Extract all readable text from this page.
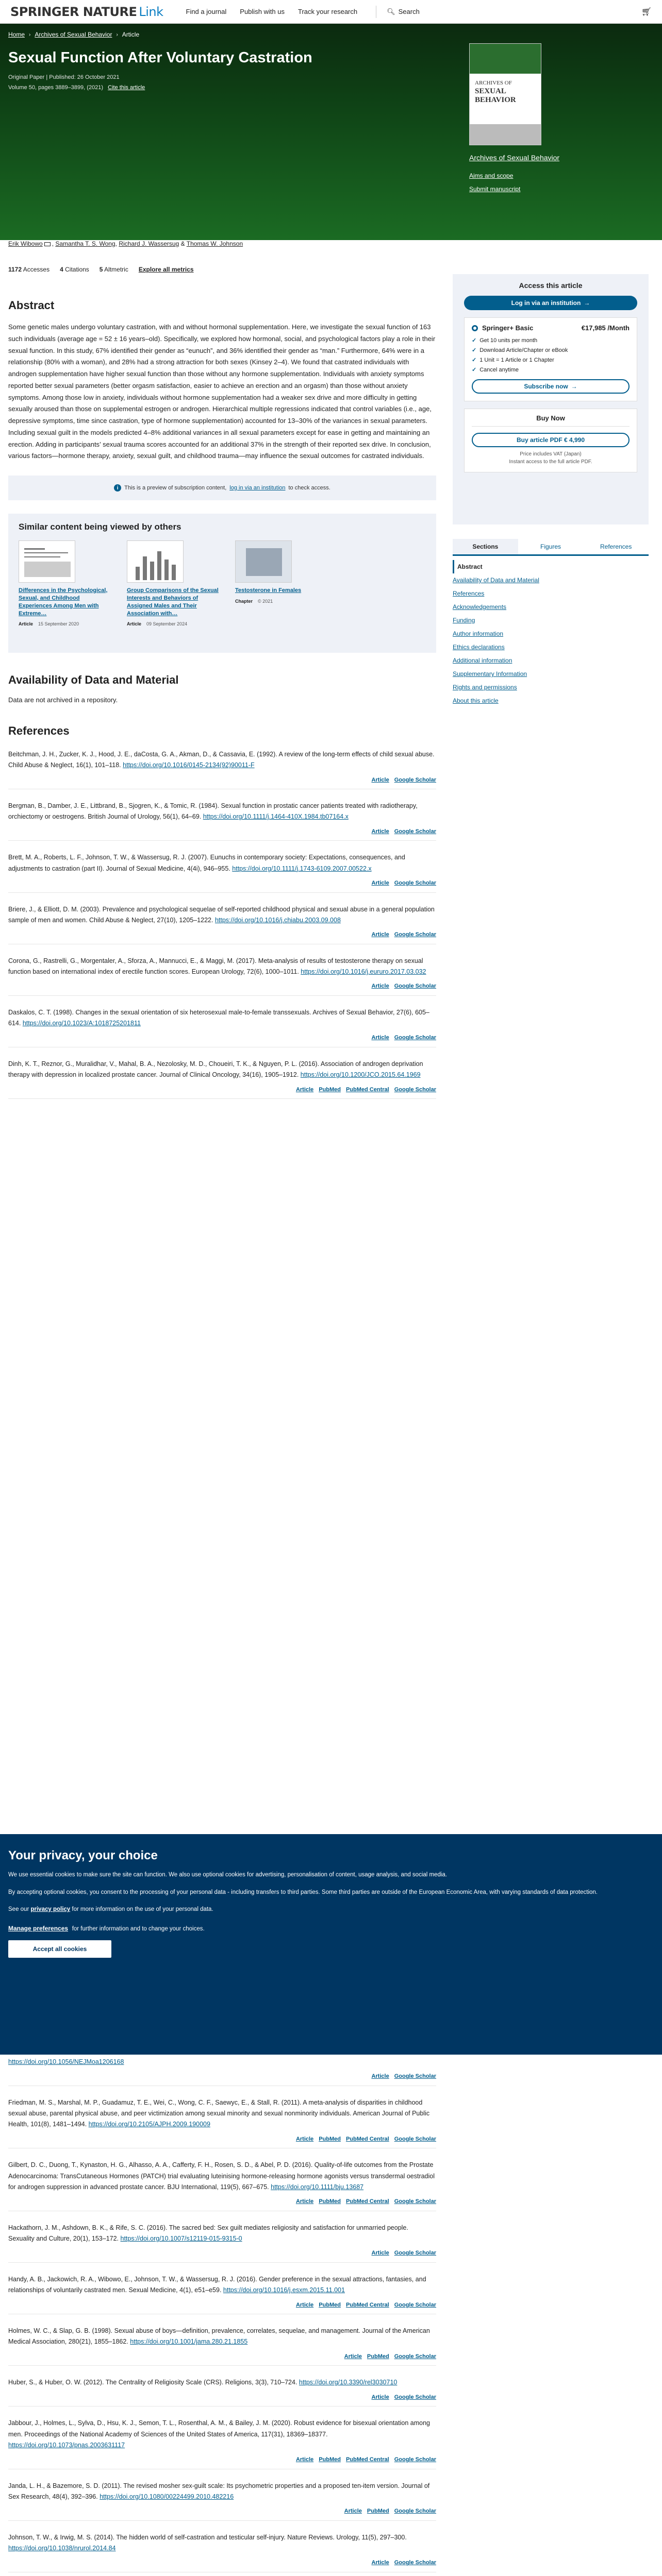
SPRINGER NATURE Link	Find a journal Publish with us Track your research	🔍︎ Search	🛒︎
Home › Archives of Sexual Behavior › Article
Sexual Function After Voluntary Castration
Original Paper | Published: 26 October 2021
Volume 50, pages 3889–3899, (2021) Cite this article
ARCHIVES OF
SEXUAL BEHAVIOR
Archives of Sexual Behavior
Aims and scope
Submit manuscript
Erik Wibowo , Samantha T. S. Wong, Richard J. Wassersug & Thomas W. Johnson
1172 Accesses 4 Citations 5 Altmetric Explore all metrics
Abstract

Some genetic males undergo voluntary castration, with and without hormonal supplementation. Here, we investigate the sexual function of 163 such individuals (average age = 52 ± 16 years–old). Specifically, we explored how hormonal, social, and psychological factors play a role in their sexual function. In this study, 67% identified their gender as “eunuch”, and 36% identified their gender as “man.” Furthermore, 64% were in a relationship (80% with a woman), and 28% had a strong attraction for both sexes (Kinsey 2–4). We found that castrated individuals with androgen supplementation have higher sexual function than those without any hormone supplementation. Individuals with anxiety symptoms reported better sexual parameters (better orgasm satisfaction, easier to achieve an erection and an orgasm) than those without anxiety symptoms. Among those low in anxiety, individuals without hormone supplementation had a weaker sex drive and more difficulty in getting sexually aroused than those on supplemental estrogen or androgen. Hierarchical multiple regressions indicated that control variables (i.e., age, depressive symptoms, time since castration, type of hormone supplementation) accounted for 13–30% of the variances in sexual parameters. Including sexual guilt in the models predicted 4–8% additional variances in all sexual parameters except for ease in getting and maintaining an erection. Adding in participants’ sexual trauma scores accounted for an additional 37% in the strength of their reported sex drive. In conclusion, various factors—hormone therapy, anxiety, sexual guilt, and childhood trauma—may influence the sexual outcomes for castrated individuals.

i	This is a preview of subscription content, log in via an institution to check access.
Similar content being viewed by others
Differences in the Psychological, Sexual, and Childhood Experiences Among Men with Extreme…
Article 15 September 2020
Group Comparisons of the Sexual Interests and Behaviors of Assigned Males and Their Association with…
Article 09 September 2024
Testosterone in Females
Chapter © 2021
Availability of Data and Material

Data are not archived in a repository.

References
Beitchman, J. H., Zucker, K. J., Hood, J. E., daCosta, G. A., Akman, D., & Cassavia, E. (1992). A review of the long-term effects of child sexual abuse. Child Abuse & Neglect, 16(1), 101–118. https://doi.org/10.1016/0145-2134(92)90011-F
Article Google Scholar
Bergman, B., Damber, J. E., Littbrand, B., Sjogren, K., & Tomic, R. (1984). Sexual function in prostatic cancer patients treated with radiotherapy, orchiectomy or oestrogens. British Journal of Urology, 56(1), 64–69. https://doi.org/10.1111/j.1464-410X.1984.tb07164.x
Article Google Scholar
Brett, M. A., Roberts, L. F., Johnson, T. W., & Wassersug, R. J. (2007). Eunuchs in contemporary society: Expectations, consequences, and adjustments to castration (part II). Journal of Sexual Medicine, 4(4i), 946–955. https://doi.org/10.1111/j.1743-6109.2007.00522.x
Article Google Scholar
Briere, J., & Elliott, D. M. (2003). Prevalence and psychological sequelae of self-reported childhood physical and sexual abuse in a general population sample of men and women. Child Abuse & Neglect, 27(10), 1205–1222. https://doi.org/10.1016/j.chiabu.2003.09.008
Article Google Scholar
Corona, G., Rastrelli, G., Morgentaler, A., Sforza, A., Mannucci, E., & Maggi, M. (2017). Meta-analysis of results of testosterone therapy on sexual function based on international index of erectile function scores. European Urology, 72(6), 1000–1011. https://doi.org/10.1016/j.eururo.2017.03.032
Article Google Scholar
Daskalos, C. T. (1998). Changes in the sexual orientation of six heterosexual male-to-female transsexuals. Archives of Sexual Behavior, 27(6), 605–614. https://doi.org/10.1023/A:1018725201811
Article Google Scholar
Dinh, K. T., Reznor, G., Muralidhar, V., Mahal, B. A., Nezolosky, M. D., Choueiri, T. K., & Nguyen, P. L. (2016). Association of androgen deprivation therapy with depression in localized prostate cancer. Journal of Clinical Oncology, 34(16), 1905–1912. https://doi.org/10.1200/JCO.2015.64.1969
Article PubMed PubMed Central Google Scholar
Access this article
Log in via an institution →
Springer+ Basic	€17,985 /Month
✓ Get 10 units per month
✓ Download Article/Chapter or eBook
✓ 1 Unit = 1 Article or 1 Chapter
✓ Cancel anytime
Subscribe now →
Buy Now
Buy article PDF € 4,990
Price includes VAT (Japan)
Instant access to the full article PDF.
Sections	Figures	References
Abstract
Availability of Data and Material
References
Acknowledgements
Funding
Author information
Ethics declarations
Additional information
Supplementary Information
Rights and permissions
About this article
Your privacy, your choice

We use essential cookies to make sure the site can function. We also use optional cookies for advertising, personalisation of content, usage analysis, and social media.

By accepting optional cookies, you consent to the processing of your personal data - including transfers to third parties. Some third parties are outside of the European Economic Area, with varying standards of data protection.

See our privacy policy for more information on the use of your personal data.

Manage preferences for further information and to change your choices.
Accept all cookies
https://doi.org/10.1056/NEJMoa1206168
Article Google Scholar
Friedman, M. S., Marshal, M. P., Guadamuz, T. E., Wei, C., Wong, C. F., Saewyc, E., & Stall, R. (2011). A meta-analysis of disparities in childhood sexual abuse, parental physical abuse, and peer victimization among sexual minority and sexual nonminority individuals. American Journal of Public Health, 101(8), 1481–1494. https://doi.org/10.2105/AJPH.2009.190009
Article PubMed PubMed Central Google Scholar
Gilbert, D. C., Duong, T., Kynaston, H. G., Alhasso, A. A., Cafferty, F. H., Rosen, S. D., & Abel, P. D. (2016). Quality-of-life outcomes from the Prostate Adenocarcinoma: TransCutaneous Hormones (PATCH) trial evaluating luteinising hormone-releasing hormone agonists versus transdermal oestradiol for androgen suppression in advanced prostate cancer. BJU International, 119(5), 667–675. https://doi.org/10.1111/bju.13687
Article PubMed PubMed Central Google Scholar
Hackathorn, J. M., Ashdown, B. K., & Rife, S. C. (2016). The sacred bed: Sex guilt mediates religiosity and satisfaction for unmarried people. Sexuality and Culture, 20(1), 153–172. https://doi.org/10.1007/s12119-015-9315-0
Article Google Scholar
Handy, A. B., Jackowich, R. A., Wibowo, E., Johnson, T. W., & Wassersug, R. J. (2016). Gender preference in the sexual attractions, fantasies, and relationships of voluntarily castrated men. Sexual Medicine, 4(1), e51–e59. https://doi.org/10.1016/j.esxm.2015.11.001
Article PubMed PubMed Central Google Scholar
Holmes, W. C., & Slap, G. B. (1998). Sexual abuse of boys—definition, prevalence, correlates, sequelae, and management. Journal of the American Medical Association, 280(21), 1855–1862. https://doi.org/10.1001/jama.280.21.1855
Article PubMed Google Scholar
Huber, S., & Huber, O. W. (2012). The Centrality of Religiosity Scale (CRS). Religions, 3(3), 710–724. https://doi.org/10.3390/rel3030710
Article Google Scholar
Jabbour, J., Holmes, L., Sylva, D., Hsu, K. J., Semon, T. L., Rosenthal, A. M., & Bailey, J. M. (2020). Robust evidence for bisexual orientation among men. Proceedings of the National Academy of Sciences of the United States of America, 117(31), 18369–18377. https://doi.org/10.1073/pnas.2003631117
Article PubMed PubMed Central Google Scholar
Janda, L. H., & Bazemore, S. D. (2011). The revised mosher sex-guilt scale: Its psychometric properties and a proposed ten-item version. Journal of Sex Research, 48(4), 392–396. https://doi.org/10.1080/00224499.2010.482216
Article PubMed Google Scholar
Johnson, T. W., & Irwig, M. S. (2014). The hidden world of self-castration and testicular self-injury. Nature Reviews. Urology, 11(5), 297–300. https://doi.org/10.1038/nrurol.2014.84
Article Google Scholar
